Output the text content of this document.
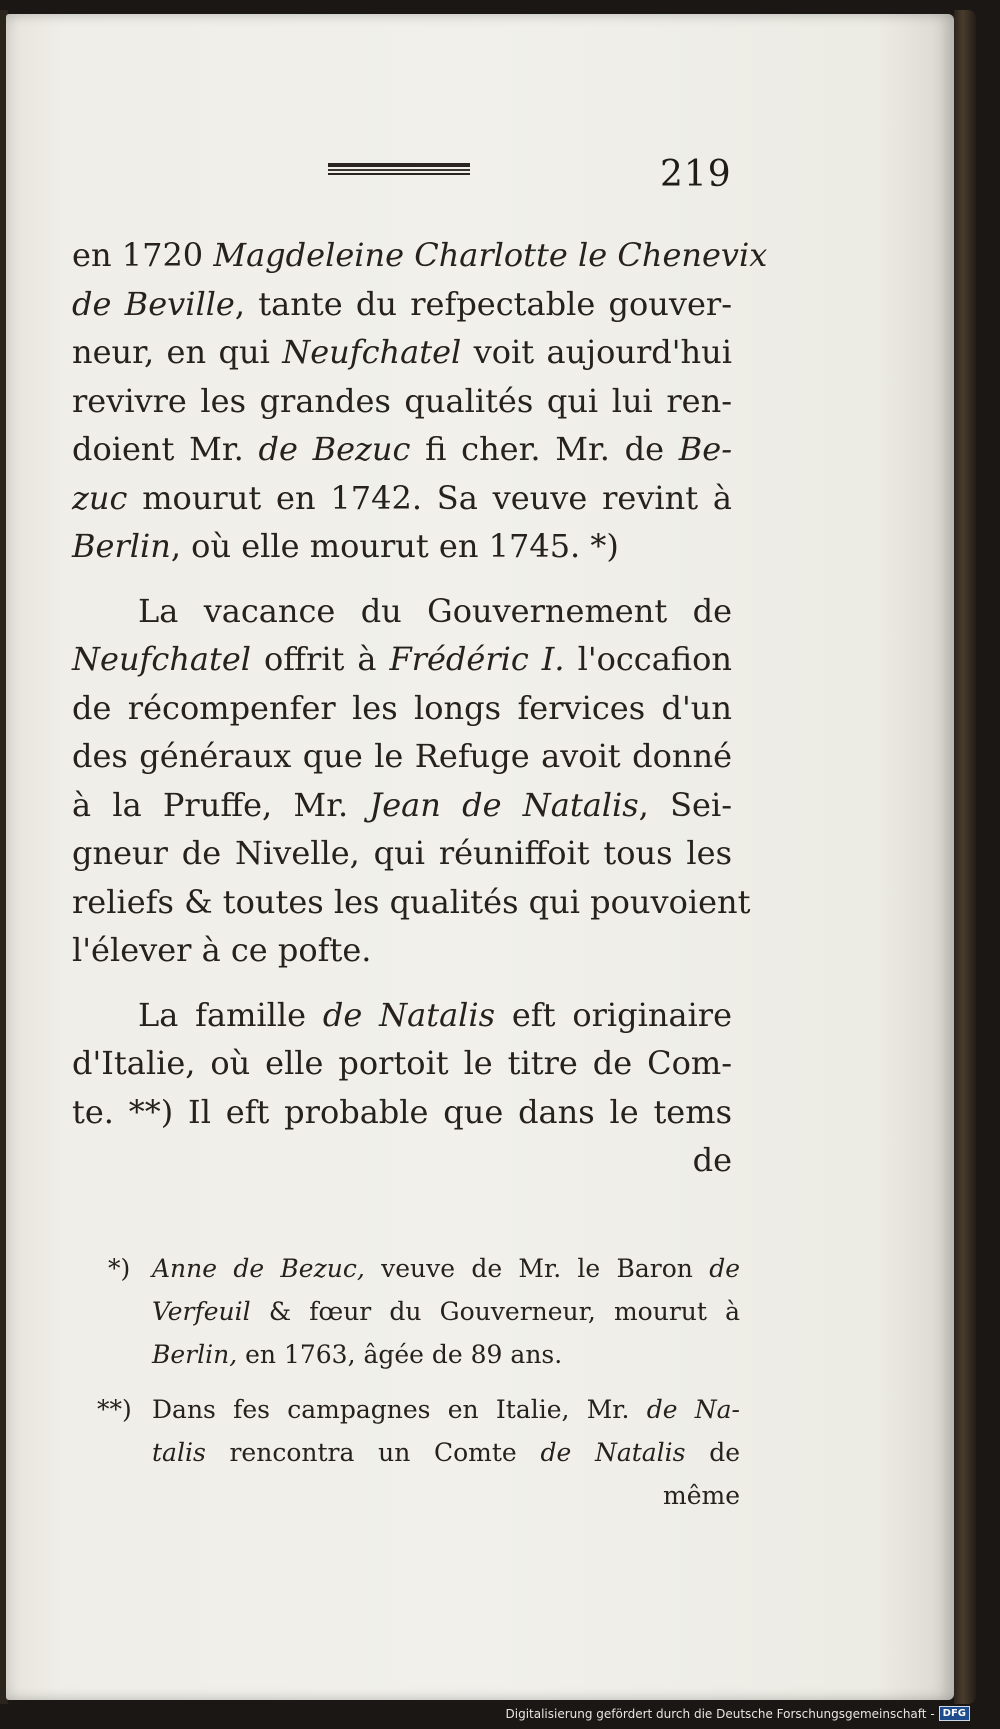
219

en 1720 Magdeleine Charlotte le Chenevix
de Beville, tante du refpectable gouver-
neur, en qui Neufchatel voit aujourd'hui
revivre les grandes qualités qui lui ren-
doient Mr. de Bezuc fi cher. Mr. de Be-
zuc mourut en 1742. Sa veuve revint à
Berlin, où elle mourut en 1745. *)

La vacance du Gouvernement de
Neufchatel offrit à Frédéric I. l'occafion
de récompenfer les longs fervices d'un
des généraux que le Refuge avoit donné
à la Pruffe, Mr. Jean de Natalis, Sei-
gneur de Nivelle, qui réuniffoit tous les
reliefs & toutes les qualités qui pouvoient
l'élever à ce pofte.

La famille de Natalis eft originaire
d'Italie, où elle portoit le titre de Com-
te. **) Il eft probable que dans le tems
de

*) Anne de Bezuc, veuve de Mr. le Baron de
Verfeuil & fœur du Gouverneur, mourut à
Berlin, en 1763, âgée de 89 ans.
**) Dans fes campagnes en Italie, Mr. de Na-
talis rencontra un Comte de Natalis de
même
Digitalisierung gefördert durch die Deutsche Forschungsgemeinschaft - DFG
